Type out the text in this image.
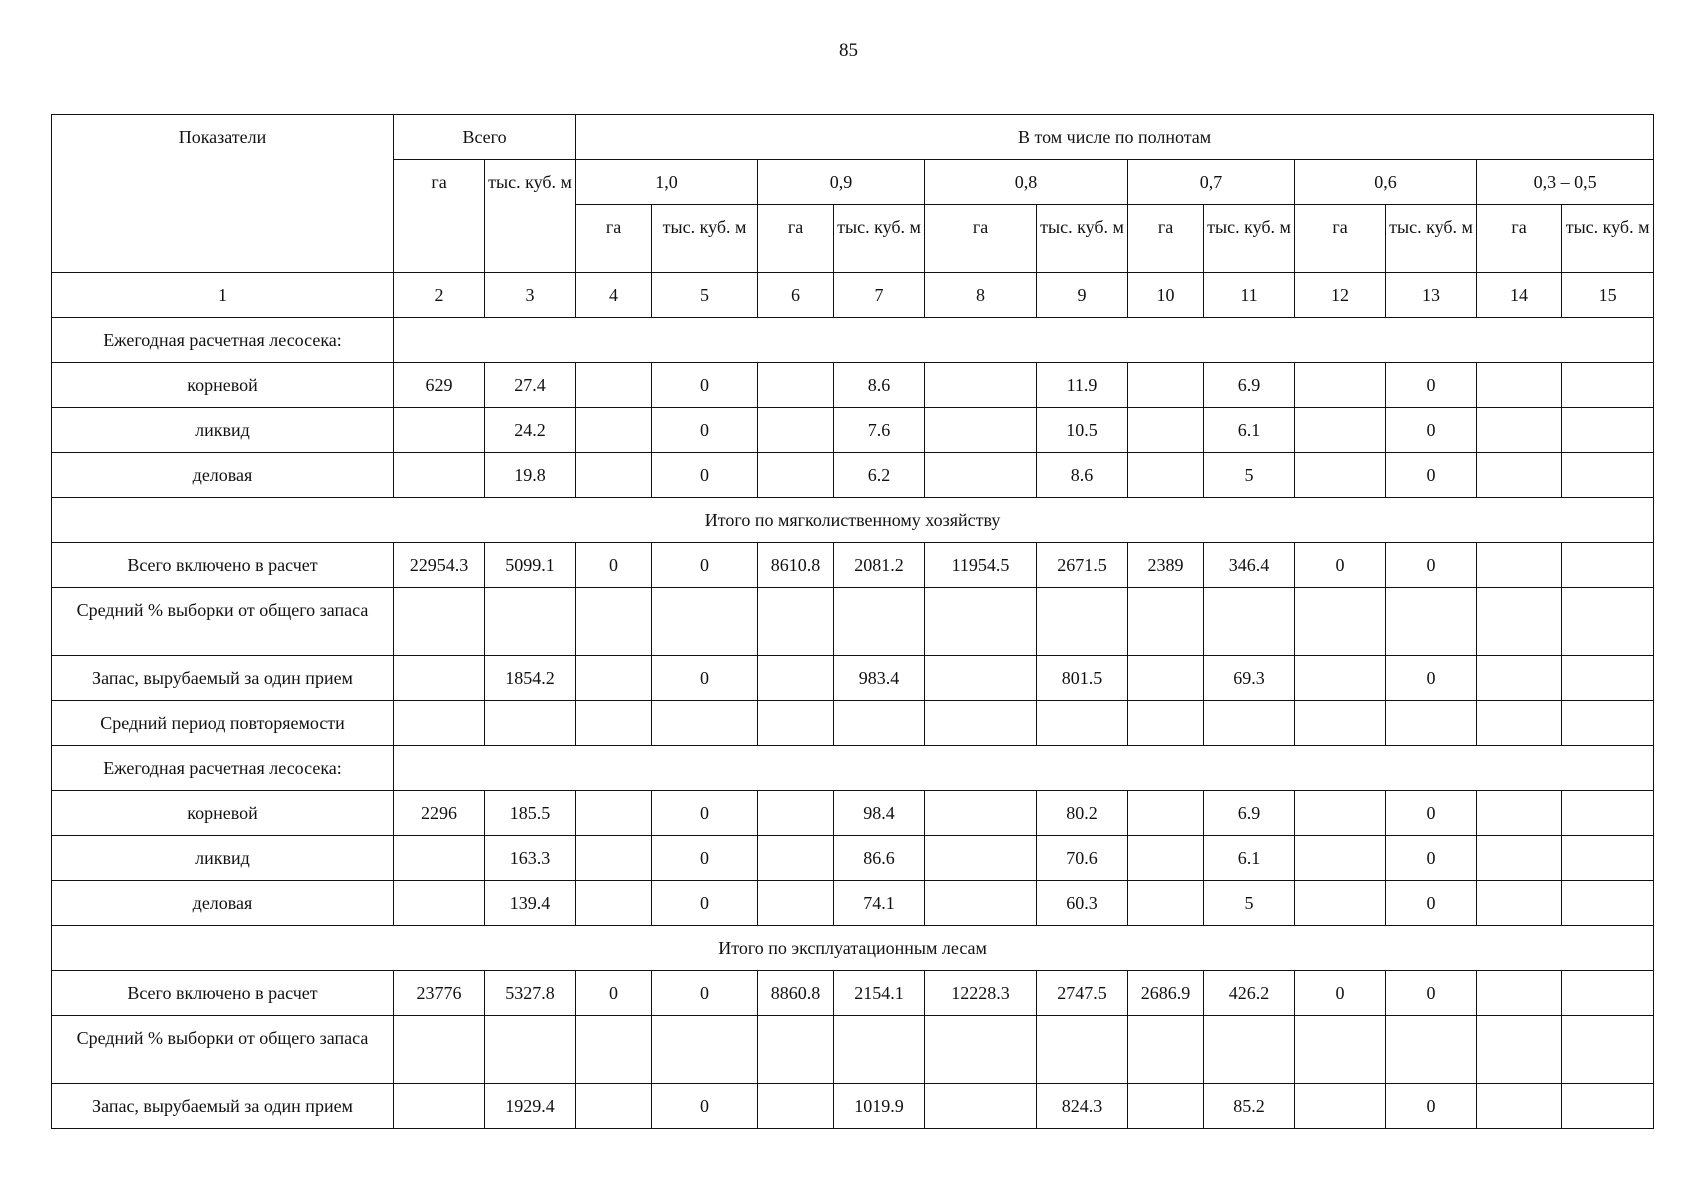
85
Показатели	Всего		В том числе по полнотам											
	га	тыс. куб. м	1,0		0,9		0,8		0,7		0,6		0,3 – 0,5	
			га	тыс. куб. м	га	тыс. куб. м	га	тыс. куб. м	га	тыс. куб. м	га	тыс. куб. м	га	тыс. куб. м
1	2	3	4	5	6	7	8	9	10	11	12	13	14	15
Ежегодная расчетная лесосека:														
корневой	629	27.4		0		8.6		11.9		6.9		0		
ликвид		24.2		0		7.6		10.5		6.1		0		
деловая		19.8		0		6.2		8.6		5		0		
Итого по мягколиственному хозяйству														
Всего включено в расчет	22954.3	5099.1	0	0	8610.8	2081.2	11954.5	2671.5	2389	346.4	0	0		
Средний % выборки от общего запаса														
Запас, вырубаемый за один прием		1854.2		0		983.4		801.5		69.3		0		
Средний период повторяемости														
Ежегодная расчетная лесосека:														
корневой	2296	185.5		0		98.4		80.2		6.9		0		
ликвид		163.3		0		86.6		70.6		6.1		0		
деловая		139.4		0		74.1		60.3		5		0		
Итого по эксплуатационным лесам														
Всего включено в расчет	23776	5327.8	0	0	8860.8	2154.1	12228.3	2747.5	2686.9	426.2	0	0		
Средний % выборки от общего запаса														
Запас, вырубаемый за один прием		1929.4		0		1019.9		824.3		85.2		0		
